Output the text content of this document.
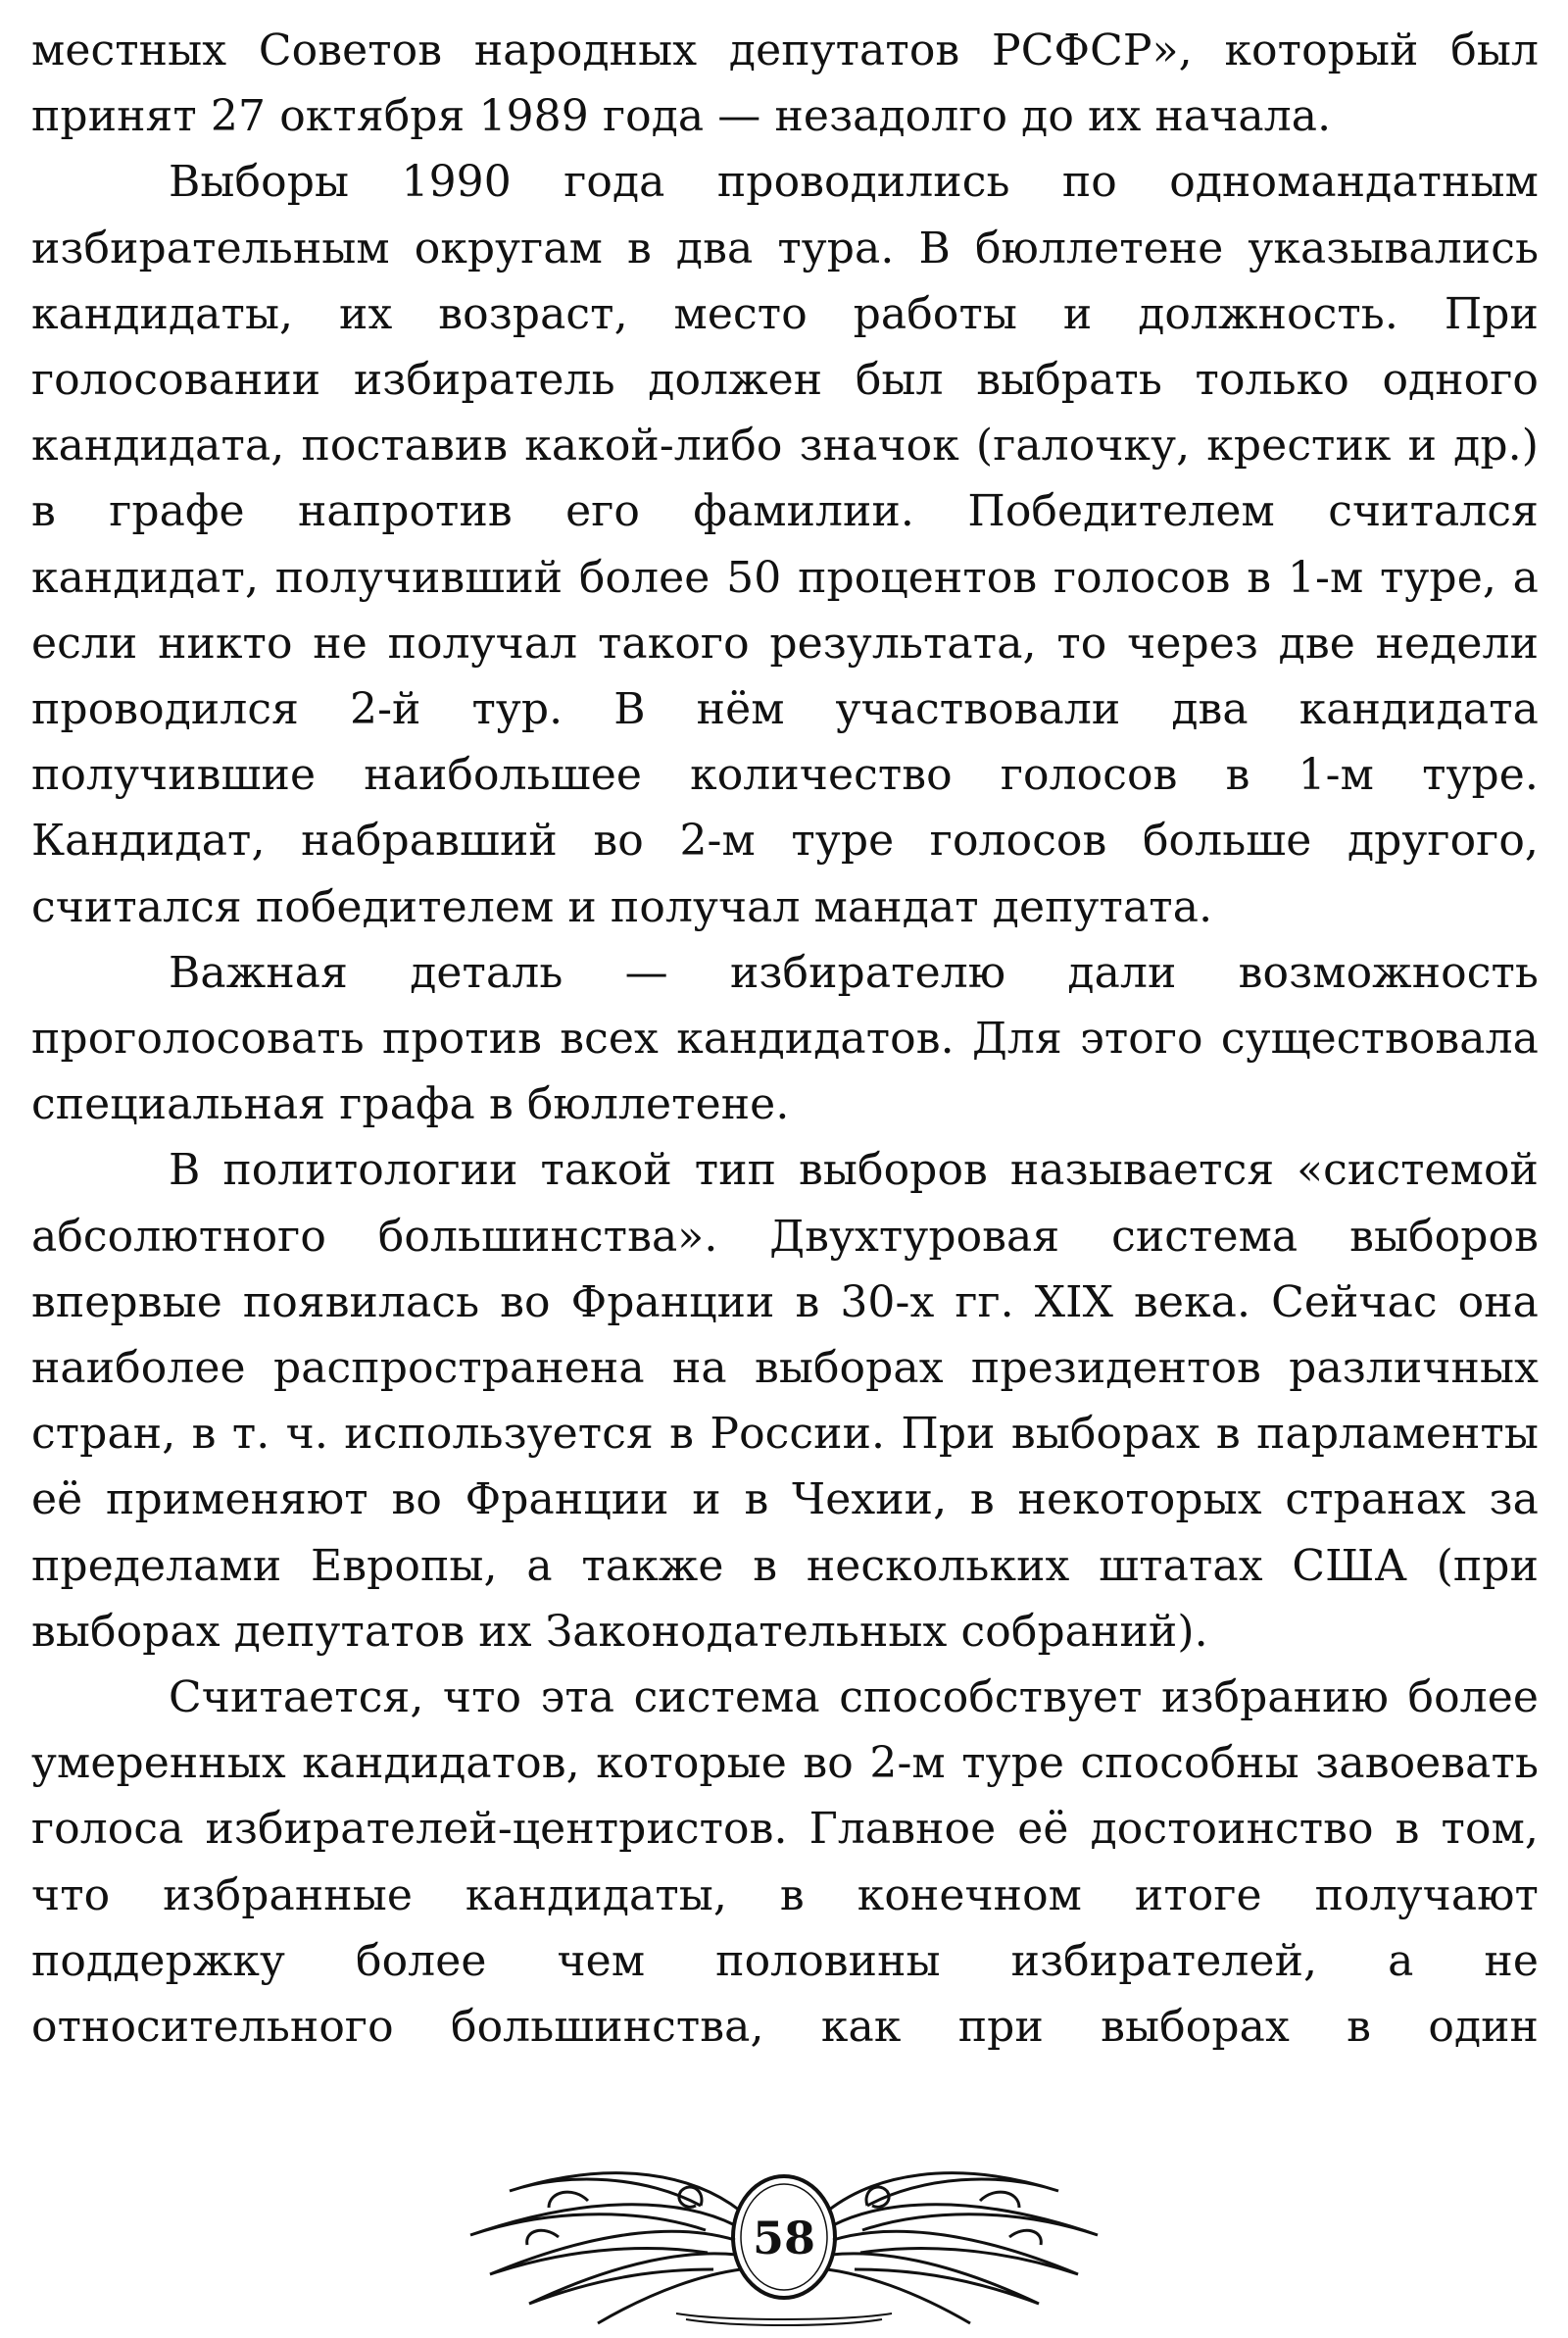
местных Советов народных депутатов РСФСР», который был принят 27 октября 1989 года — незадолго до их начала.

Выборы 1990 года проводились по одномандатным избирательным округам в два тура. В бюллетене указывались кандидаты, их возраст, место работы и должность. При голосовании избиратель должен был выбрать только одного кандидата, поставив какой-либо значок (галочку, крестик и др.) в графе напротив его фамилии. Победителем считался кандидат, получивший более 50 процентов голосов в 1-м туре, а если никто не получал такого результата, то через две недели проводился 2-й тур. В нём участвовали два кандидата получившие наибольшее количество голосов в 1-м туре. Кандидат, набравший во 2-м туре голосов больше другого, считался победителем и получал мандат депутата.

Важная деталь — избирателю дали возможность проголосовать против всех кандидатов. Для этого существовала специальная графа в бюллетене.

В политологии такой тип выборов называется «системой абсолютного большинства». Двухтуровая система выборов впервые появилась во Франции в 30-х гг. XIX века. Сейчас она наиболее распространена на выборах президентов различных стран, в т. ч. используется в России. При выборах в парламенты её применяют во Франции и в Чехии, в некоторых странах за пределами Европы, а также в нескольких штатах США (при выборах депутатов их Законодательных собраний).

Считается, что эта система способствует избранию более умеренных кандидатов, которые во 2-м туре способны завоевать голоса избирателей-центристов. Главное её достоинство в том, что избранные кандидаты, в конечном итоге получают поддержку более чем половины избирателей, а не относительного большинства, как при выборах в один

58
